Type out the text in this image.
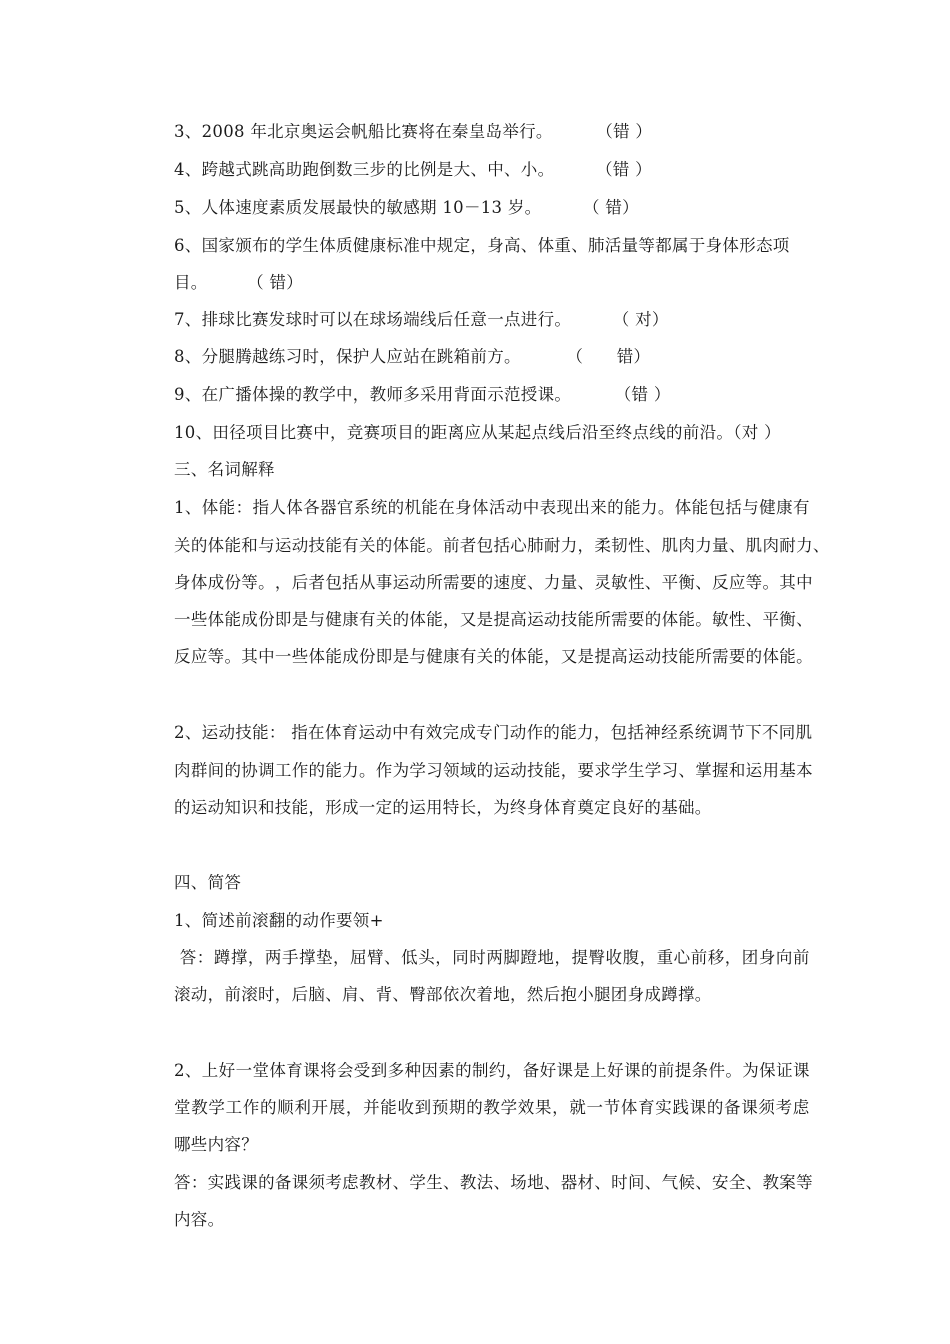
3、2008 年北京奥运会帆船比赛将在秦皇岛举行。	（错 ）
4、跨越式跳高助跑倒数三步的比例是大、中、小。	（错 ）
5、人体速度素质发展最快的敏感期 10－13 岁。	（ 错）
6、国家颁布的学生体质健康标准中规定，身高、体重、肺活量等都属于身体形态项
目。 （ 错）
7、排球比赛发球时可以在球场端线后任意一点进行。	（ 对）
8、分腿腾越练习时，保护人应站在跳箱前方。	（　　错）
9、在广播体操的教学中，教师多采用背面示范授课。	（错 ）
10、田径项目比赛中，竞赛项目的距离应从某起点线后沿至终点线的前沿。（对 ）
三、名词解释
1 、 体 能 ： 指 人 体 各 器 官 系 统 的 机 能 在 身 体 活 动 中 表 现 出 来 的 能 力 。 体 能 包 括 与 健 康 有
关 的 体 能 和 与 运 动 技 能 有 关 的 体 能 。 前 者 包 括 心 肺 耐 力 ， 柔 韧 性 、 肌 肉 力 量 、 肌 肉 耐 力 、
身 体 成 份 等 。 ， 后 者 包 括 从 事 运 动 所 需 要 的 速 度 、 力 量 、 灵 敏 性 、 平 衡 、 反 应 等 。 其 中
一 些 体 能 成 份 即 是 与 健 康 有 关 的 体 能 ， 又 是 提 高 运 动 技 能 所 需 要 的 体 能 。 敏 性 、 平 衡 、
反 应 等 。 其 中 一 些 体 能 成 份 即 是 与 健 康 有 关 的 体 能 ， 又 是 提 高 运 动 技 能 所 需 要 的 体 能 。
2 、 运 动 技 能 ：
指 在 体 育 运 动 中 有 效 完 成 专 门 动 作 的 能 力 ， 包 括 神 经 系 统 调 节 下 不 同 肌
肉 群 间 的 协 调 工 作 的 能 力 。 作 为 学 习 领 域 的 运 动 技 能 ， 要 求 学 生 学 习 、 掌 握 和 运 用 基 本
的运动知识和技能，形成一定的运用特长，为终身体育奠定良好的基础。
四、简答
1、简述前滚翻的动作要领+

答 ： 蹲 撑 ， 两 手 撑 垫 ， 屈 臂 、 低 头 ， 同 时 两 脚 蹬 地 ， 提 臀 收 腹 ， 重 心 前 移 ， 团 身 向 前
滚动，前滚时，后脑、肩、背、臀部依次着地，然后抱小腿团身成蹲撑。
2 、 上 好 一 堂 体 育 课 将 会 受 到 多 种 因 素 的 制 约 ， 备 好 课 是 上 好 课 的 前 提 条 件 。 为 保 证 课
堂 教 学 工 作 的 顺 利 开 展 ， 并 能 收 到 预 期 的 教 学 效 果 ， 就 一 节 体 育 实 践 课 的 备 课 须 考 虑
哪些内容？
答 ： 实 践 课 的 备 课 须 考 虑 教 材 、 学 生 、 教 法 、 场 地 、 器 材 、 时 间 、 气 候 、 安 全 、 教 案 等
内容。
